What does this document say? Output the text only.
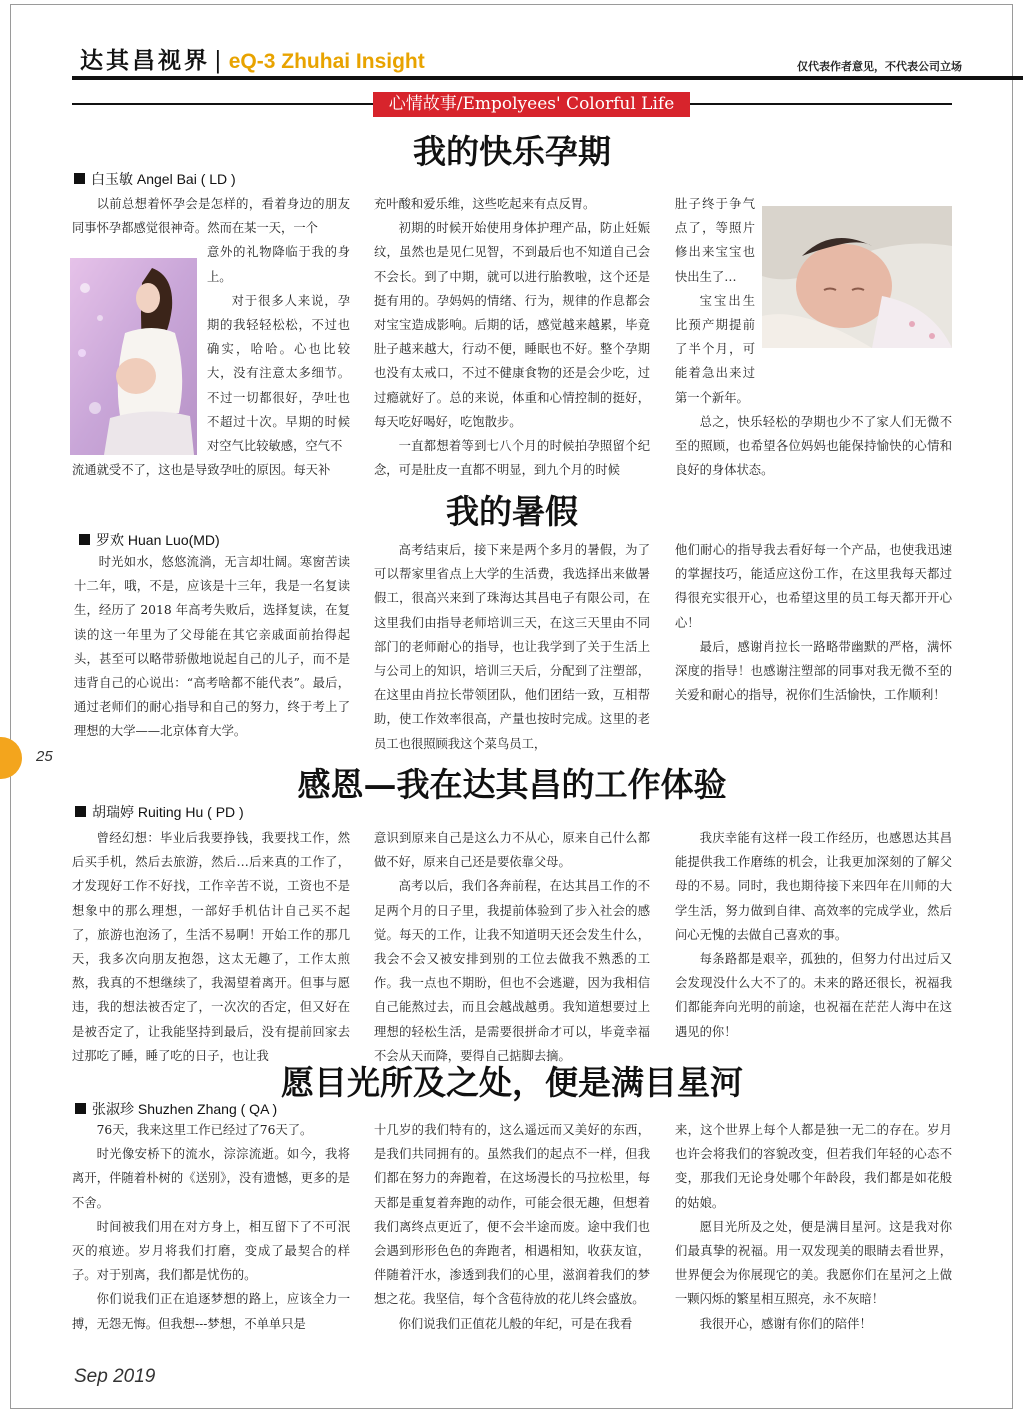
达其昌视界 | eQ-3 Zhuhai Insight	仅代表作者意见，不代表公司立场
心情故事/Empolyees' Colorful Life
我的快乐孕期
白玉敏 Angel Bai ( LD )

以前总想着怀孕会是怎样的，看着身边的朋友同事怀孕都感觉很神奇。然而在某一天，一个

意外的礼物降临于我的身上。

对于很多人来说，孕期的我轻轻松松，不过也确实，哈哈。心也比较大，没有注意太多细节。不过一切都很好，孕吐也不超过十次。早期的时候对空气比较敏感，空气不

流通就受不了，这也是导致孕吐的原因。每天补

充叶酸和爱乐维，这些吃起来有点反胃。

初期的时候开始使用身体护理产品，防止妊娠纹，虽然也是见仁见智，不到最后也不知道自己会不会长。到了中期，就可以进行胎教啦，这个还是挺有用的。孕妈妈的情绪、行为，规律的作息都会对宝宝造成影响。后期的话，感觉越来越累，毕竟肚子越来越大，行动不便，睡眠也不好。整个孕期也没有太戒口，不过不健康食物的还是会少吃，过过瘾就好了。总的来说，体重和心情控制的挺好，每天吃好喝好，吃饱散步。

一直都想着等到七八个月的时候拍孕照留个纪念，可是肚皮一直都不明显，到九个月的时候

肚子终于争气点了，等照片修出来宝宝也快出生了…

宝宝出生比预产期提前了半个月，可能着急出来过第一个新年。

总之，快乐轻松的孕期也少不了家人们无微不至的照顾，也希望各位妈妈也能保持愉快的心情和良好的身体状态。

我的暑假
罗欢 Huan Luo(MD)

时光如水，悠悠流淌，无言却壮阔。寒窗苦读十二年，哦，不是，应该是十三年，我是一名复读生，经历了 2018 年高考失败后，选择复读，在复读的这一年里为了父母能在其它亲戚面前抬得起头，甚至可以略带骄傲地说起自己的儿子，而不是违背自己的心说出：“高考啥都不能代表”。最后，通过老师们的耐心指导和自己的努力，终于考上了理想的大学——北京体育大学。

高考结束后，接下来是两个多月的暑假，为了可以帮家里省点上大学的生活费，我选择出来做暑假工，很高兴来到了珠海达其昌电子有限公司，在这里我们由指导老师培训三天，在这三天里由不同部门的老师耐心的指导，也让我学到了关于生活上与公司上的知识，培训三天后，分配到了注塑部，在这里由肖拉长带领团队，他们团结一致，互相帮助，使工作效率很高，产量也按时完成。这里的老员工也很照顾我这个菜鸟员工，

他们耐心的指导我去看好每一个产品，也使我迅速的掌握技巧，能适应这份工作，在这里我每天都过得很充实很开心，也希望这里的员工每天都开开心心！

最后，感谢肖拉长一路略带幽默的严格，满怀深度的指导！也感谢注塑部的同事对我无微不至的关爱和耐心的指导，祝你们生活愉快，工作顺利！

感恩—我在达其昌的工作体验
胡瑞婷 Ruiting Hu ( PD )

曾经幻想：毕业后我要挣钱，我要找工作，然后买手机，然后去旅游，然后…后来真的工作了，才发现好工作不好找，工作辛苦不说，工资也不是想象中的那么理想，一部好手机估计自己买不起了，旅游也泡汤了，生活不易啊！开始工作的那几天，我多次向朋友抱怨，这太无趣了，工作太煎熬，我真的不想继续了，我渴望着离开。但事与愿违，我的想法被否定了，一次次的否定，但又好在是被否定了，让我能坚持到最后，没有提前回家去过那吃了睡，睡了吃的日子，也让我

意识到原来自己是这么力不从心，原来自己什么都做不好，原来自己还是要依靠父母。

高考以后，我们各奔前程，在达其昌工作的不足两个月的日子里，我提前体验到了步入社会的感觉。每天的工作，让我不知道明天还会发生什么，我会不会又被安排到别的工位去做我不熟悉的工作。我一点也不期盼，但也不会逃避，因为我相信自己能熬过去，而且会越战越勇。我知道想要过上理想的轻松生活，是需要很拼命才可以，毕竟幸福不会从天而降，要得自己掂脚去摘。

我庆幸能有这样一段工作经历，也感恩达其昌能提供我工作磨练的机会，让我更加深刻的了解父母的不易。同时，我也期待接下来四年在川师的大学生活，努力做到自律、高效率的完成学业，然后问心无愧的去做自己喜欢的事。

每条路都是艰辛，孤独的，但努力付出过后又会发现没什么大不了的。未来的路还很长，祝福我们都能奔向光明的前途，也祝福在茫茫人海中在这遇见的你！

愿目光所及之处，便是满目星河
张淑珍 Shuzhen Zhang ( QA )

76天，我来这里工作已经过了76天了。

时光像安桥下的流水，淙淙流逝。如今，我将离开，伴随着朴树的《送别》，没有遗憾，更多的是不舍。

时间被我们用在对方身上，相互留下了不可泯灭的痕迹。岁月将我们打磨，变成了最契合的样子。对于别离，我们都是忧伤的。

你们说我们正在追逐梦想的路上，应该全力一搏，无怨无悔。但我想---梦想，不单单只是

十几岁的我们特有的，这么遥远而又美好的东西，是我们共同拥有的。虽然我们的起点不一样，但我们都在努力的奔跑着，在这场漫长的马拉松里，每天都是重复着奔跑的动作，可能会很无趣，但想着我们离终点更近了，便不会半途而废。途中我们也会遇到形形色色的奔跑者，相遇相知，收获友谊，伴随着汗水，渗透到我们的心里，滋润着我们的梦想之花。我坚信，每个含苞待放的花儿终会盛放。

你们说我们正值花儿般的年纪，可是在我看

来，这个世界上每个人都是独一无二的存在。岁月也许会将我们的容貌改变，但若我们年轻的心态不变，那我们无论身处哪个年龄段，我们都是如花般的姑娘。

愿目光所及之处，便是满目星河。这是我对你们最真挚的祝福。用一双发现美的眼睛去看世界，世界便会为你展现它的美。我愿你们在星河之上做一颗闪烁的繁星相互照亮，永不灰暗！

我很开心，感谢有你们的陪伴！

25
Sep 2019
